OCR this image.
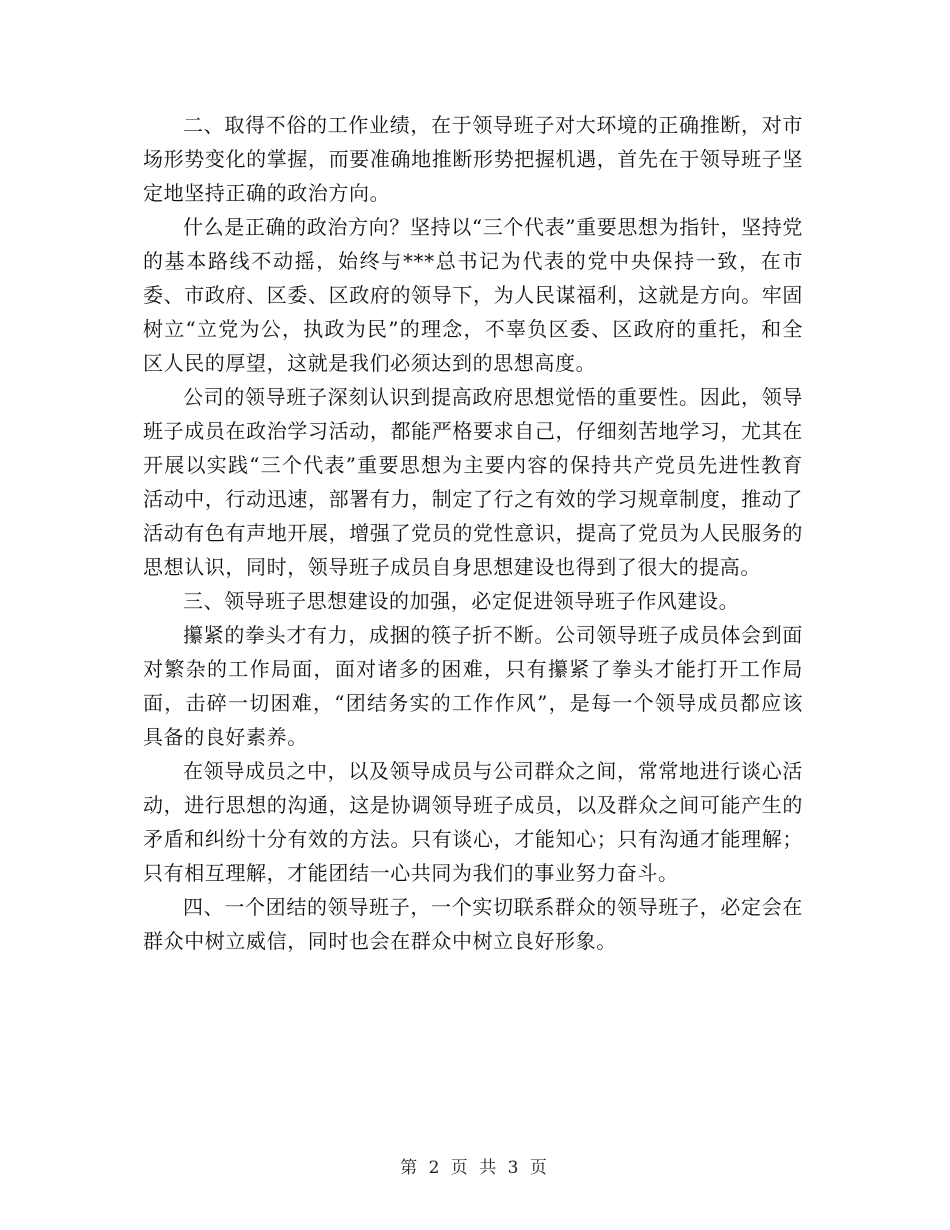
二、取得不俗的工作业绩，在于领导班子对大环境的正确推断，对市场形势变化的掌握，而要准确地推断形势把握机遇，首先在于领导班子坚定地坚持正确的政治方向。

什么是正确的政治方向？坚持以“三个代表”重要思想为指针，坚持党的基本路线不动摇，始终与***总书记为代表的党中央保持一致，在市委、市政府、区委、区政府的领导下，为人民谋福利，这就是方向。牢固树立“立党为公，执政为民”的理念，不辜负区委、区政府的重托，和全区人民的厚望，这就是我们必须达到的思想高度。

公司的领导班子深刻认识到提高政府思想觉悟的重要性。因此，领导班子成员在政治学习活动，都能严格要求自己，仔细刻苦地学习，尤其在开展以实践“三个代表”重要思想为主要内容的保持共产党员先进性教育活动中，行动迅速，部署有力，制定了行之有效的学习规章制度，推动了活动有色有声地开展，增强了党员的党性意识，提高了党员为人民服务的思想认识，同时，领导班子成员自身思想建设也得到了很大的提高。

三、领导班子思想建设的加强，必定促进领导班子作风建设。

攥紧的拳头才有力，成捆的筷子折不断。公司领导班子成员体会到面对繁杂的工作局面，面对诸多的困难，只有攥紧了拳头才能打开工作局面，击碎一切困难，“团结务实的工作作风”，是每一个领导成员都应该具备的良好素养。

在领导成员之中，以及领导成员与公司群众之间，常常地进行谈心活动，进行思想的沟通，这是协调领导班子成员，以及群众之间可能产生的矛盾和纠纷十分有效的方法。只有谈心，才能知心；只有沟通才能理解；只有相互理解，才能团结一心共同为我们的事业努力奋斗。

四、一个团结的领导班子，一个实切联系群众的领导班子，必定会在群众中树立威信，同时也会在群众中树立良好形象。

第 2 页 共 3 页
